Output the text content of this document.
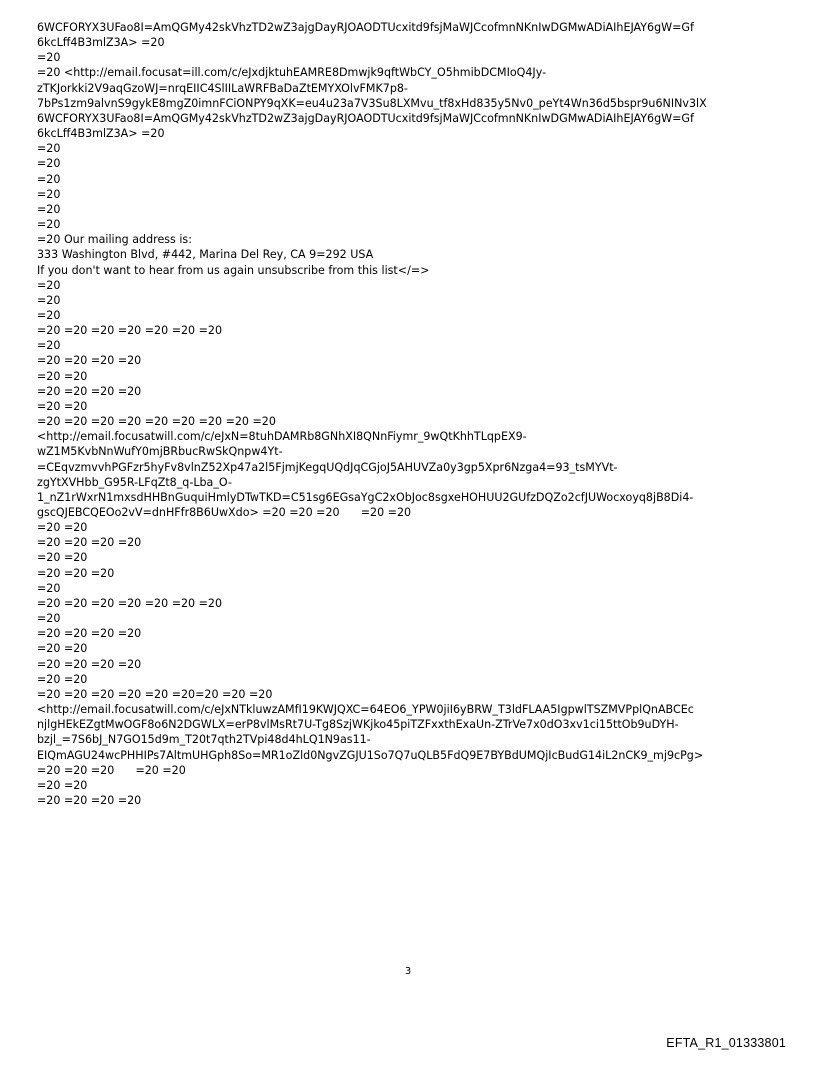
6WCFORYX3UFao8I=AmQGMy42skVhzTD2wZ3ajgDayRJOAODTUcxitd9fsjMaWJCcofmnNKnIwDGMwADiAIhEJAY6gW=Gf
6kcLff4B3mlZ3A> =20
=20
=20 <http://email.focusat=ill.com/c/eJxdjktuhEAMRE8Dmwjk9qftWbCY_O5hmibDCMIoQ4Jy-
zTKJorkki2V9aqGzoWJ=nrqEIIC4SlIILaWRFBaDaZtEMYXOlvFMK7p8-
7bPs1zm9alvnS9gykE8mgZ0imnFCiONPY9qXK=eu4u23a7V3Su8LXMvu_tf8xHd835y5Nv0_peYt4Wn36d5bspr9u6NINv3lX
6WCFORYX3UFao8I=AmQGMy42skVhzTD2wZ3ajgDayRJOAODTUcxitd9fsjMaWJCcofmnNKnIwDGMwADiAIhEJAY6gW=Gf
6kcLff4B3mlZ3A> =20
=20
=20
=20
=20
=20
=20
=20 Our mailing address is:
333 Washington Blvd, #442, Marina Del Rey, CA 9=292 USA
If you don't want to hear from us again unsubscribe from this list</=>
=20
=20
=20
=20 =20 =20 =20 =20 =20 =20
=20
=20 =20 =20 =20
=20 =20
=20 =20 =20 =20
=20 =20
=20 =20 =20 =20 =20 =20 =20 =20 =20
<http://email.focusatwill.com/c/eJxN=8tuhDAMRb8GNhXI8QNnFiymr_9wQtKhhTLqpEX9-
wZ1M5KvbNnWufY0mjBRbucRwSkQnpw4Yt-
=CEqvzmvvhPGFzr5hyFv8vlnZ52Xp47a2l5FjmjKegqUQdJqCGjoJ5AHUVZa0y3gp5Xpr6Nzga4=93_tsMYVt-
zgYtXVHbb_G95R-LFqZt8_q-Lba_O-
1_nZ1rWxrN1mxsdHHBnGuquiHmlyDTwTKD=C51sg6EGsaYgC2xObJoc8sgxeHOHUU2GUfzDQZo2cfJUWocxoyq8jB8Di4-
gscQJEBCQEOo2vV=dnHFfr8B6UwXdo> =20 =20 =20      =20 =20
=20 =20
=20 =20 =20 =20
=20 =20
=20 =20 =20
=20
=20 =20 =20 =20 =20 =20 =20
=20
=20 =20 =20 =20
=20 =20
=20 =20 =20 =20
=20 =20
=20 =20 =20 =20 =20 =20=20 =20 =20
<http://email.focusatwill.com/c/eJxNTkluwzAMfI19KWJQXC=64EO6_YPW0jiI6yBRW_T3ldFLAA5IgpwlTSZMVPplQnABCEc
njlgHEkEZgtMwOGF8o6N2DGWLX=erP8vlMsRt7U-Tg8SzjWKjko45piTZFxxthExaUn-ZTrVe7x0dO3xv1ci15ttOb9uDYH-
bzjl_=7S6bJ_N7GO15d9m_T20t7qth2TVpi48d4hLQ1N9as11-
EIQmAGU24wcPHHIPs7AltmUHGph8So=MR1oZld0NgvZGJU1So7Q7uQLB5FdQ9E7BYBdUMQjIcBudG14iL2nCK9_mj9cPg>
=20 =20 =20      =20 =20
=20 =20
=20 =20 =20 =20
3
EFTA_R1_01333801
